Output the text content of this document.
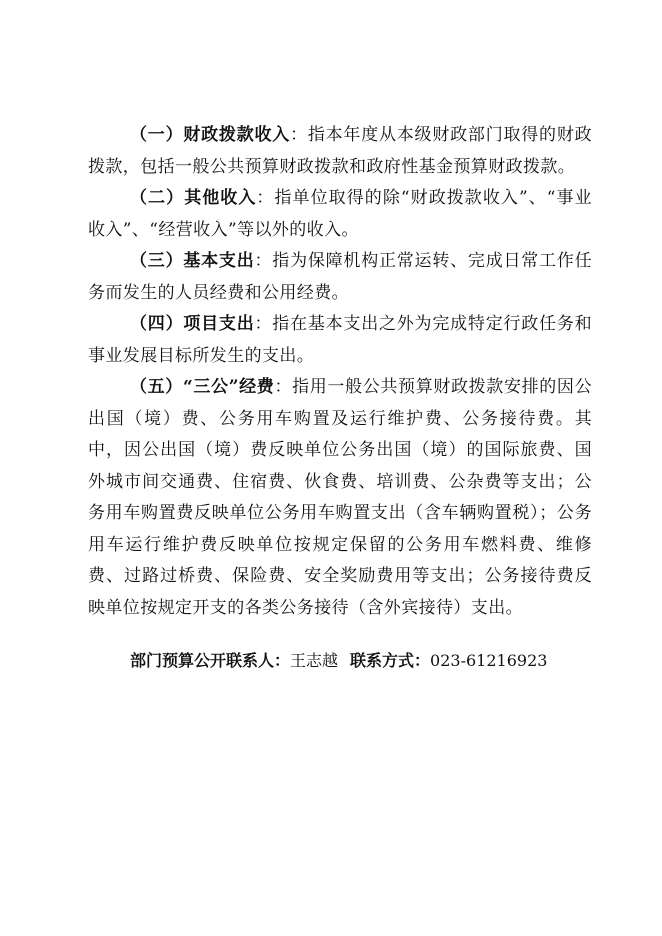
（一）财政拨款收入：指本年度从本级财政部门取得的财政拨款，包括一般公共预算财政拨款和政府性基金预算财政拨款。

（二）其他收入：指单位取得的除“财政拨款收入”、“事业收入”、“经营收入”等以外的收入。

（三）基本支出：指为保障机构正常运转、完成日常工作任务而发生的人员经费和公用经费。

（四）项目支出：指在基本支出之外为完成特定行政任务和事业发展目标所发生的支出。

（五）“三公”经费：指用一般公共预算财政拨款安排的因公出国（境）费、公务用车购置及运行维护费、公务接待费。其中，因公出国（境）费反映单位公务出国（境）的国际旅费、国外城市间交通费、住宿费、伙食费、培训费、公杂费等支出；公务用车购置费反映单位公务用车购置支出（含车辆购置税）；公务用车运行维护费反映单位按规定保留的公务用车燃料费、维修费、过路过桥费、保险费、安全奖励费用等支出；公务接待费反映单位按规定开支的各类公务接待（含外宾接待）支出。

部门预算公开联系人：王志越 联系方式：023-61216923
